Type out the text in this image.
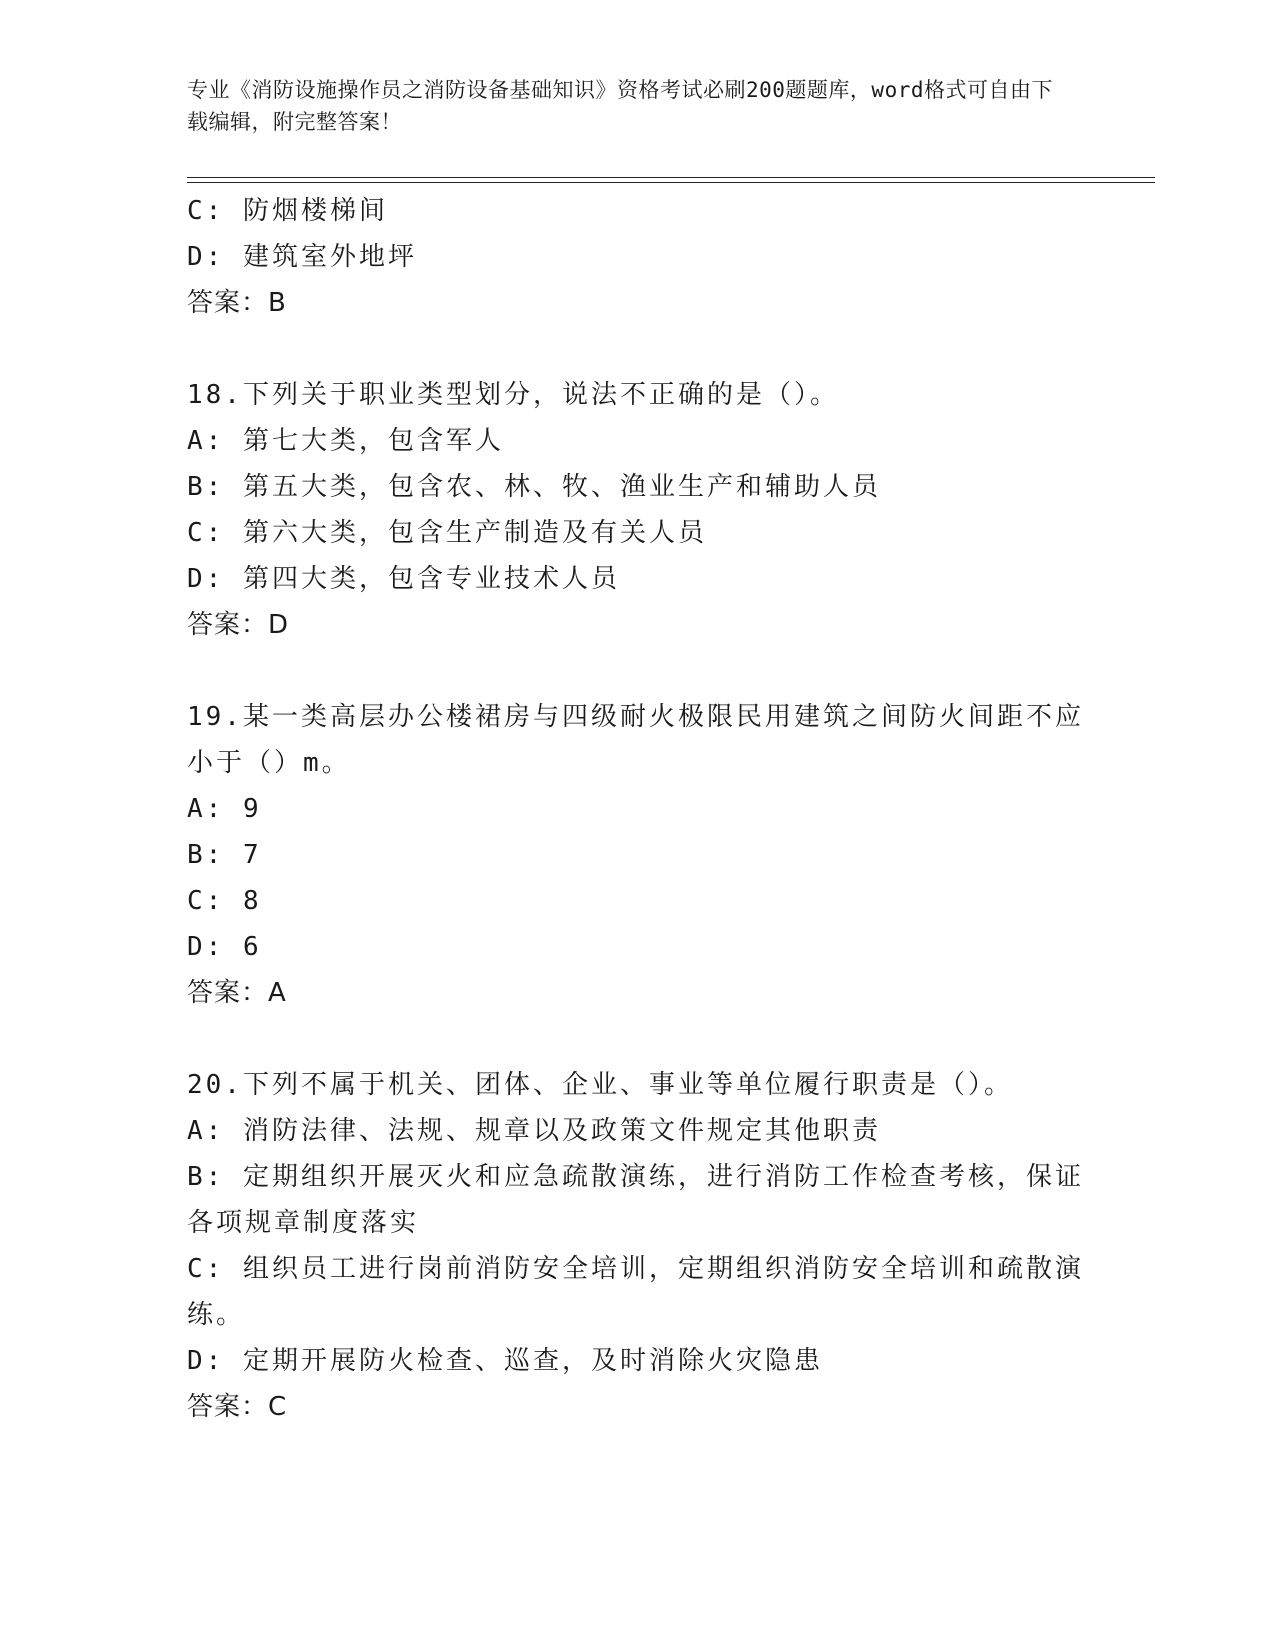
专业《消防设施操作员之消防设备基础知识》资格考试必刷200题题库，word格式可自由下载编辑，附完整答案！
C: 防烟楼梯间
D: 建筑室外地坪
答案：B
18.下列关于职业类型划分，说法不正确的是（）。
A: 第七大类，包含军人
B: 第五大类，包含农、林、牧、渔业生产和辅助人员
C: 第六大类，包含生产制造及有关人员
D: 第四大类，包含专业技术人员
答案：D
19.某一类高层办公楼裙房与四级耐火极限民用建筑之间防火间距不应小于（）m。
A: 9
B: 7
C: 8
D: 6
答案：A
20.下列不属于机关、团体、企业、事业等单位履行职责是（）。
A: 消防法律、法规、规章以及政策文件规定其他职责
B: 定期组织开展灭火和应急疏散演练，进行消防工作检查考核，保证各项规章制度落实
C: 组织员工进行岗前消防安全培训，定期组织消防安全培训和疏散演练。
D: 定期开展防火检查、巡查，及时消除火灾隐患
答案：C
